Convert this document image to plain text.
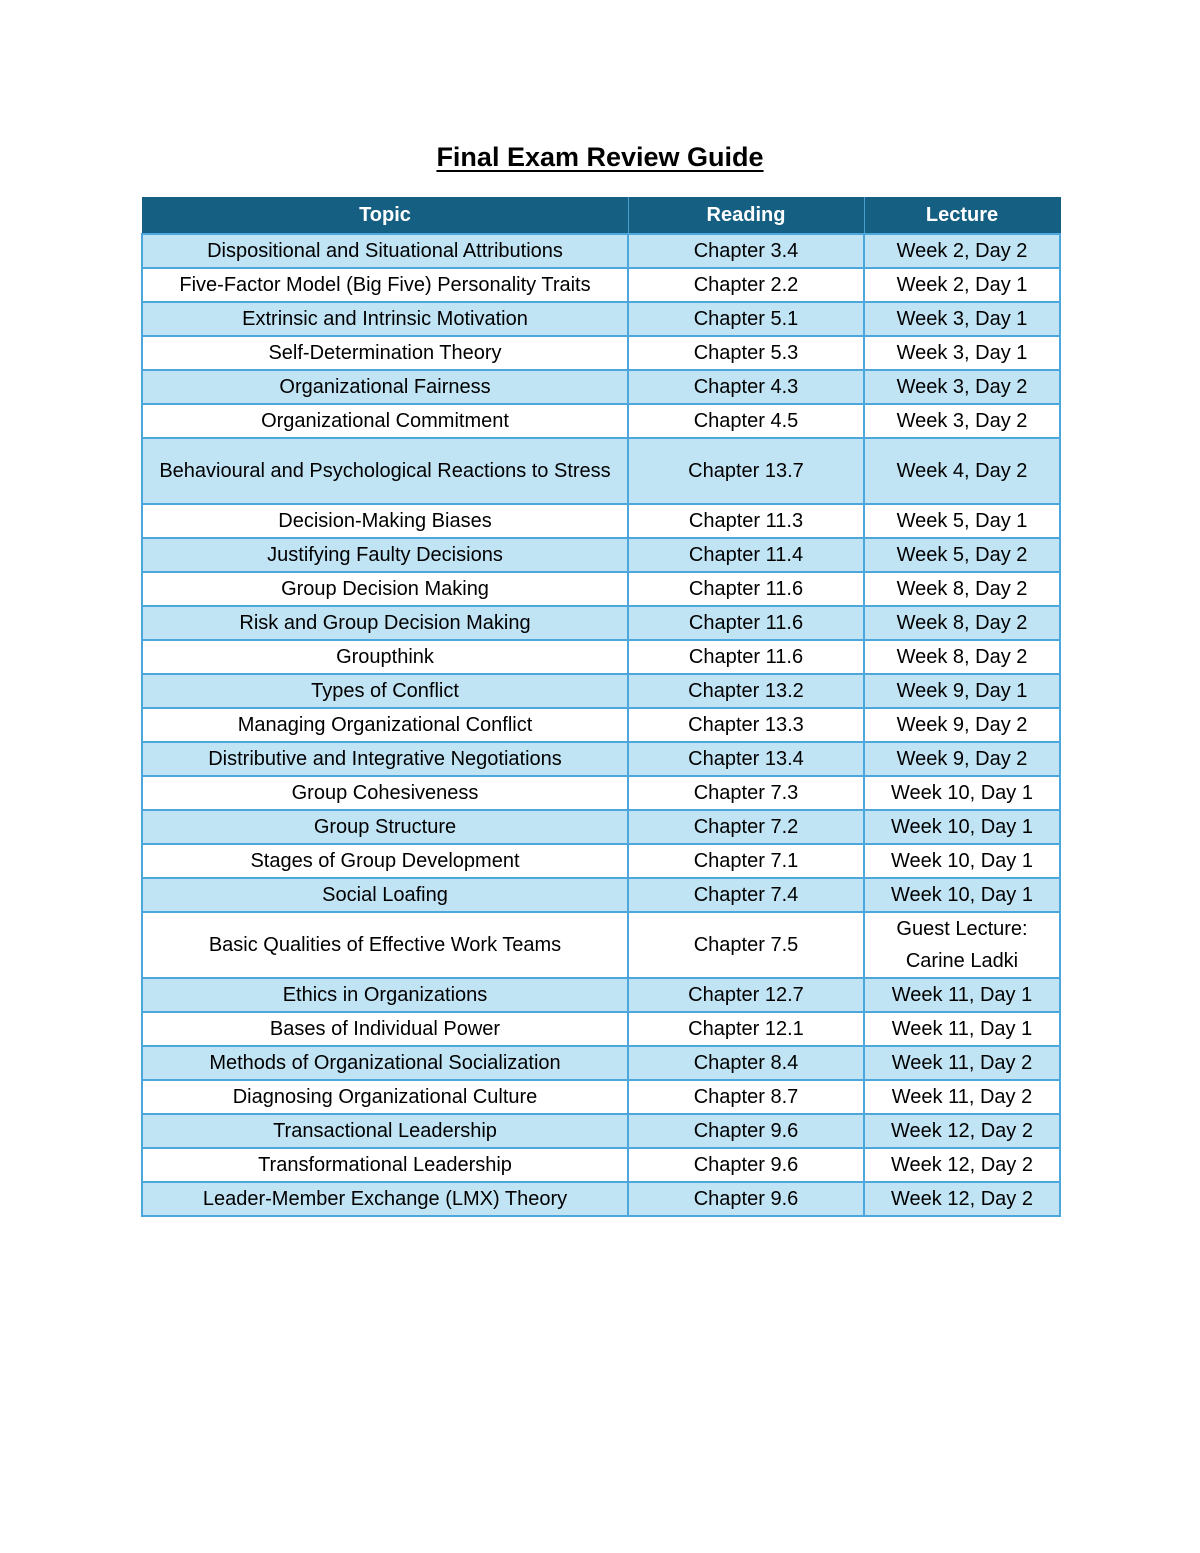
Final Exam Review Guide
Topic	Reading	Lecture
Dispositional and Situational Attributions	Chapter 3.4	Week 2, Day 2
Five-Factor Model (Big Five) Personality Traits	Chapter 2.2	Week 2, Day 1
Extrinsic and Intrinsic Motivation	Chapter 5.1	Week 3, Day 1
Self-Determination Theory	Chapter 5.3	Week 3, Day 1
Organizational Fairness	Chapter 4.3	Week 3, Day 2
Organizational Commitment	Chapter 4.5	Week 3, Day 2
Behavioural and Psychological Reactions to Stress	Chapter 13.7	Week 4, Day 2
Decision-Making Biases	Chapter 11.3	Week 5, Day 1
Justifying Faulty Decisions	Chapter 11.4	Week 5, Day 2
Group Decision Making	Chapter 11.6	Week 8, Day 2
Risk and Group Decision Making	Chapter 11.6	Week 8, Day 2
Groupthink	Chapter 11.6	Week 8, Day 2
Types of Conflict	Chapter 13.2	Week 9, Day 1
Managing Organizational Conflict	Chapter 13.3	Week 9, Day 2
Distributive and Integrative Negotiations	Chapter 13.4	Week 9, Day 2
Group Cohesiveness	Chapter 7.3	Week 10, Day 1
Group Structure	Chapter 7.2	Week 10, Day 1
Stages of Group Development	Chapter 7.1	Week 10, Day 1
Social Loafing	Chapter 7.4	Week 10, Day 1
Basic Qualities of Effective Work Teams	Chapter 7.5	Guest Lecture: Carine Ladki
Ethics in Organizations	Chapter 12.7	Week 11, Day 1
Bases of Individual Power	Chapter 12.1	Week 11, Day 1
Methods of Organizational Socialization	Chapter 8.4	Week 11, Day 2
Diagnosing Organizational Culture	Chapter 8.7	Week 11, Day 2
Transactional Leadership	Chapter 9.6	Week 12, Day 2
Transformational Leadership	Chapter 9.6	Week 12, Day 2
Leader-Member Exchange (LMX) Theory	Chapter 9.6	Week 12, Day 2
